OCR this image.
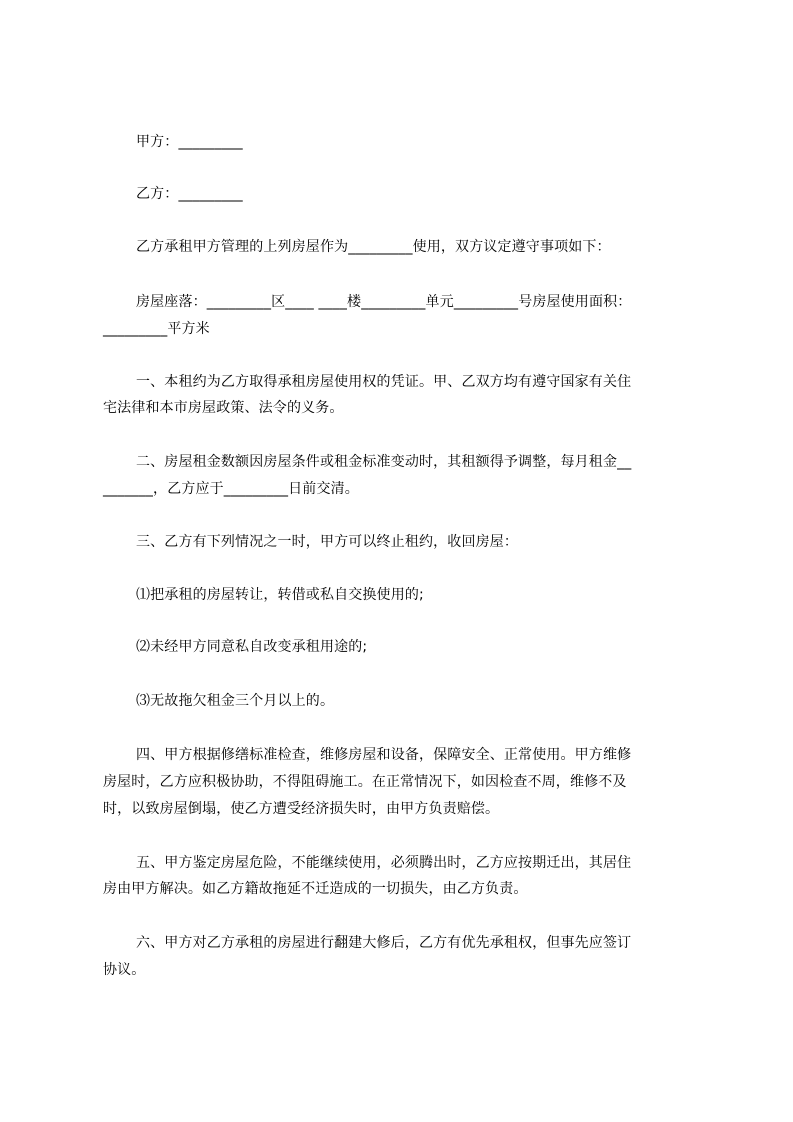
甲方：_________
乙方：_________
乙方承租甲方管理的上列房屋作为_________使用，双方议定遵守事项如下：
房屋座落：_________区____ ____楼_________单元_________号房屋使用面积：
_________平方米
一、本租约为乙方取得承租房屋使用权的凭证。甲、乙双方均有遵守国家有关住
宅法律和本市房屋政策、法令的义务。
二、房屋租金数额因房屋条件或租金标准变动时，其租额得予调整，每月租金__
_______，乙方应于_________日前交清。
三、乙方有下列情况之一时，甲方可以终止租约，收回房屋：
⑴把承租的房屋转让，转借或私自交换使用的;
⑵未经甲方同意私自改变承租用途的;
⑶无故拖欠租金三个月以上的。
四、甲方根据修缮标准检查，维修房屋和设备，保障安全、正常使用。甲方维修
房屋时，乙方应积极协助，不得阻碍施工。在正常情况下，如因检查不周，维修不及
时，以致房屋倒塌，使乙方遭受经济损失时，由甲方负责赔偿。
五、甲方鉴定房屋危险，不能继续使用，必须腾出时，乙方应按期迁出，其居住
房由甲方解决。如乙方籍故拖延不迁造成的一切损失，由乙方负责。
六、甲方对乙方承租的房屋进行翻建大修后，乙方有优先承租权，但事先应签订
协议。
